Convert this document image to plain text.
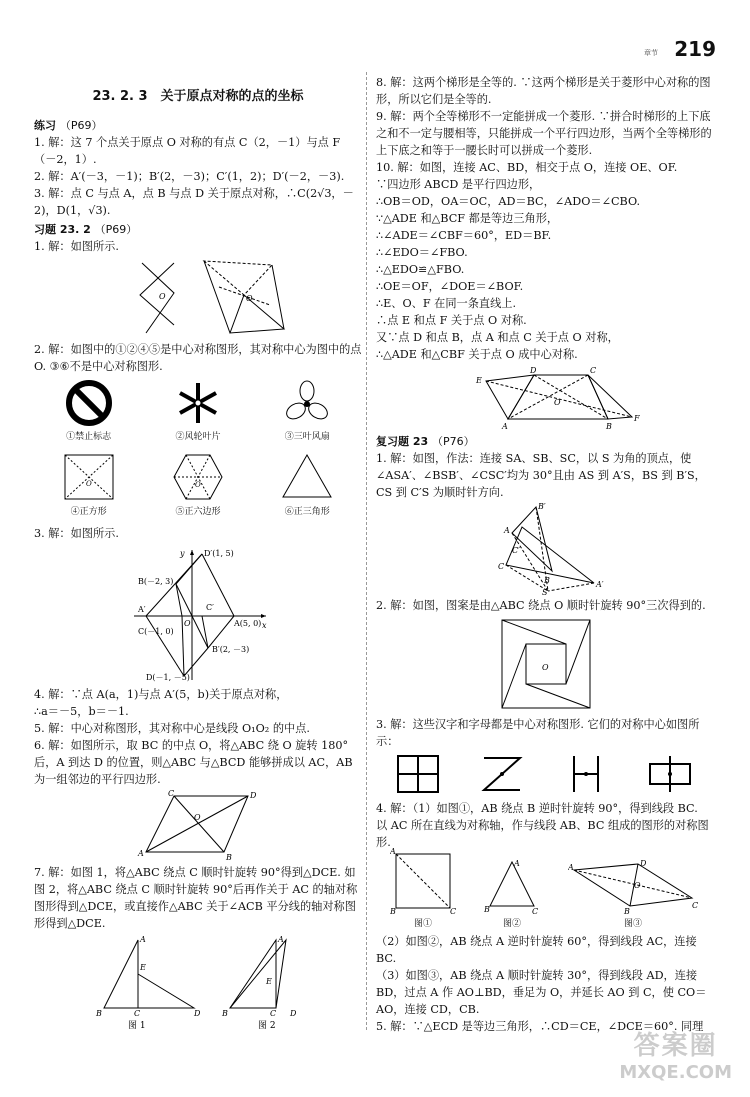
章节 219
23. 2. 3　关于原点对称的点的坐标
练习 （P69）

1. 解：这 7 个点关于原点 O 对称的有点 C（2，－1）与点 F（－2，1）.

2. 解：A′(－3，－1)；B′(2，－3)；C′(1，2)；D′(－2，－3).

3. 解：点 C 与点 A，点 B 与点 D 关于原点对称，∴C(2√3，－2)，D(1，√3).

习题 23. 2 （P69）

1. 解：如图所示.

O	O

2. 解：如图中的①②④⑤是中心对称图形，其对称中心为图中的点 O. ③⑥不是中心对称图形.

①禁止标志	②风轮叶片	③三叶风扇
O
④正方形
O
⑤正六边形	⑥正三角形

3. 解：如图所示.

x
y
O
D′(1, 5)
B(－2, 3)
A′	C′
A(5, 0)
C(－1, 0)
B′(2, －3)
D(－1, －5)

4. 解：∵点 A(a，1)与点 A′(5，b)关于原点对称，

∴a＝－5，b＝－1.

5. 解：中心对称图形，其对称中心是线段 O₁O₂ 的中点.

6. 解：如图所示，取 BC 的中点 O，将△ABC 绕 O 旋转 180°后，A 到达 D 的位置，则△ABC 与△BCD 能够拼成以 AC，AB 为一组邻边的平行四边形.

C	D
A	B
O

7. 解：如图 1，将△ABC 绕点 C 顺时针旋转 90°得到△DCE. 如图 2，将△ABC 绕点 C 顺时针旋转 90°后再作关于 AC 的轴对称图形得到△DCE，或直接作△ABC 关于∠ACB 平分线的轴对称图形得到△DCE.

A
E
B	C	D
图 1
A
E
B	C D
图 2

8. 解：这两个梯形是全等的. ∵这两个梯形是关于菱形中心对称的图形，所以它们是全等的.

9. 解：两个全等梯形不一定能拼成一个菱形. ∵拼合时梯形的上下底之和不一定与腰相等，只能拼成一个平行四边形，当两个全等梯形的上下底之和等于一腰长时可以拼成一个菱形.

10. 解：如图，连接 AC、BD，相交于点 O，连接 OE、OF.

∵四边形 ABCD 是平行四边形，

∴OB＝OD，OA＝OC，AD＝BC，∠ADO＝∠CBO.

∵△ADE 和△BCF 都是等边三角形，

∴∠ADE＝∠CBF＝60°，ED＝BF.

∴∠EDO＝∠FBO.

∴△EDO≌△FBO.

∴OE＝OF，∠DOE＝∠BOF.

∴E、O、F 在同一条直线上.

∴点 E 和点 F 关于点 O 对称.

又∵点 D 和点 B，点 A 和点 C 关于点 O 对称，

∴△ADE 和△CBF 关于点 O 成中心对称.

E
D	C
F
A	B
O
复习题 23 （P76）

1. 解：如图，作法：连接 SA、SB、SC，以 S 为角的顶点，使∠ASA′、∠BSB′、∠CSC′均为 30°且由 AS 到 A′S，BS 到 B′S，CS 到 C′S 为顺时针方向.

B′
A
C′
C
B	A′
S

2. 解：如图，图案是由△ABC 绕点 O 顺时针旋转 90°三次得到的.

O

3. 解：这些汉字和字母都是中心对称图形. 它们的对称中心如图所示：

4. 解：（1）如图①，AB 绕点 B 逆时针旋转 90°，得到线段 BC. 以 AC 所在直线为对称轴，作与线段 AB、BC 组成的图形的对称图形.

A
B	C
图①
A
B	C
图②
A	D
C
B
O
图③

（2）如图②，AB 绕点 A 逆时针旋转 60°，得到线段 AC，连接 BC.

（3）如图③，AB 绕点 A 顺时针旋转 30°，得到线段 AD，连接 BD，过点 A 作 AO⊥BD，垂足为 O，并延长 AO 到 C，使 CO＝AO，连接 CD，CB.

5. 解：∵△ECD 是等边三角形，∴CD＝CE，∠DCE＝60°. 同理

答案圈
MXQE.COM
